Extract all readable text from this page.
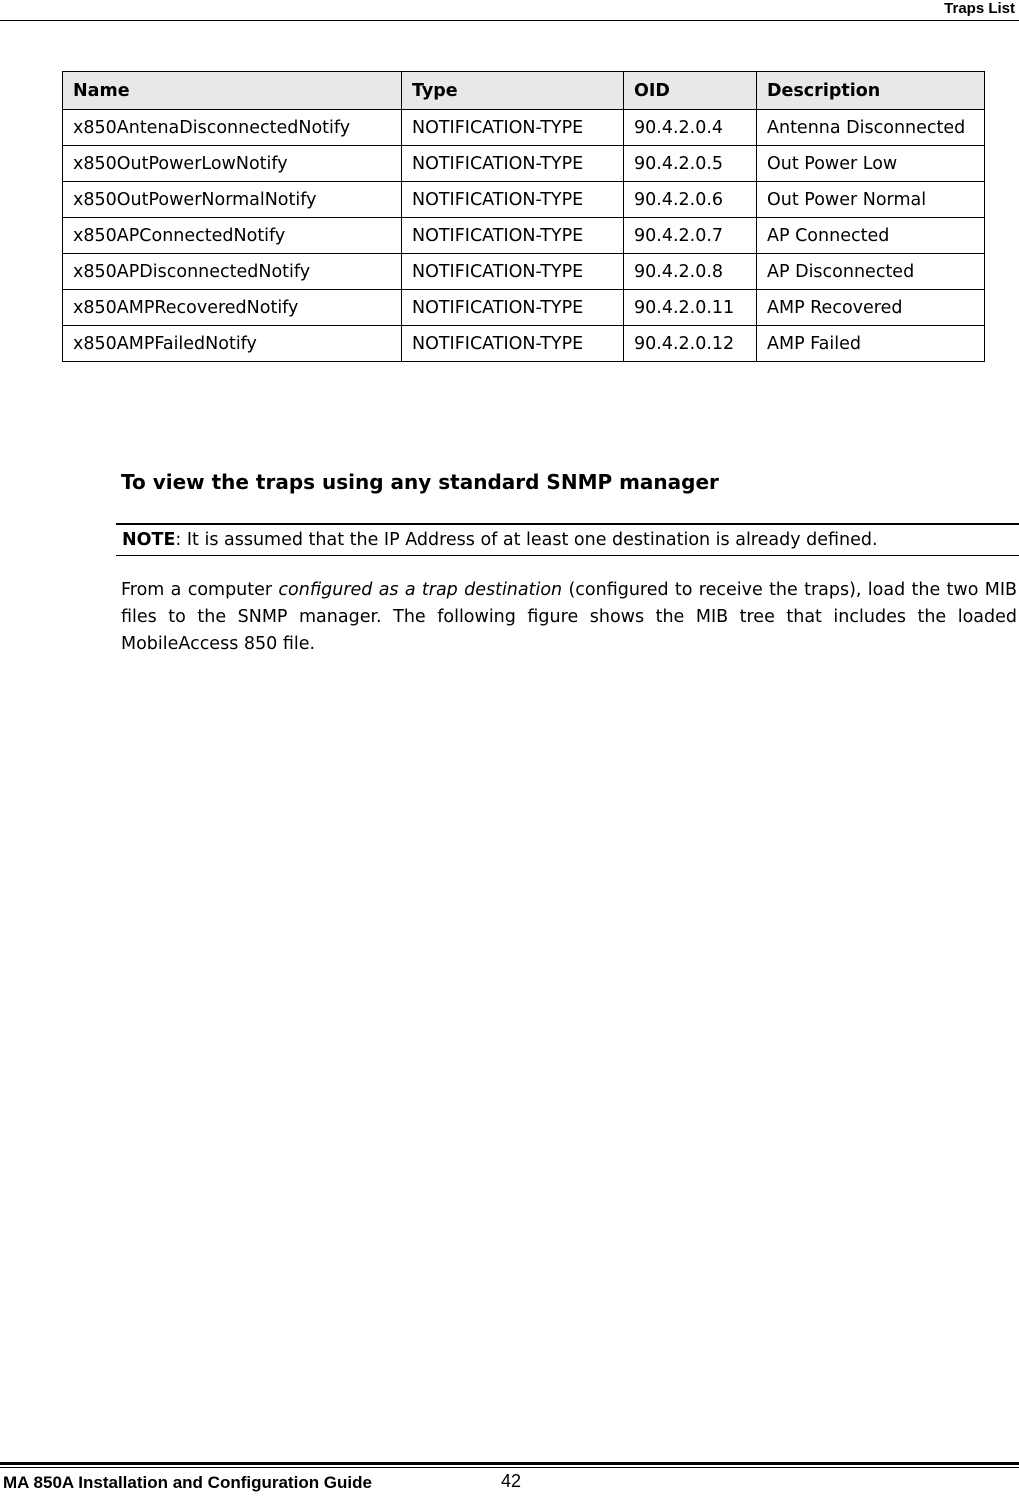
Traps List
Name	Type	OID	Description
x850AntenaDisconnectedNotify	NOTIFICATION-TYPE	90.4.2.0.4	Antenna Disconnected
x850OutPowerLowNotify	NOTIFICATION-TYPE	90.4.2.0.5	Out Power Low
x850OutPowerNormalNotify	NOTIFICATION-TYPE	90.4.2.0.6	Out Power Normal
x850APConnectedNotify	NOTIFICATION-TYPE	90.4.2.0.7	AP Connected
x850APDisconnectedNotify	NOTIFICATION-TYPE	90.4.2.0.8	AP Disconnected
x850AMPRecoveredNotify	NOTIFICATION-TYPE	90.4.2.0.11	AMP Recovered
x850AMPFailedNotify	NOTIFICATION-TYPE	90.4.2.0.12	AMP Failed
To view the traps using any standard SNMP manager
NOTE: It is assumed that the IP Address of at least one destination is already defined.
From a computer configured as a trap destination (configured to receive the traps), load the two MIB files to the SNMP manager. The following figure shows the MIB tree that includes the loaded MobileAccess 850 file.
MA 850A Installation and Configuration Guide	42
